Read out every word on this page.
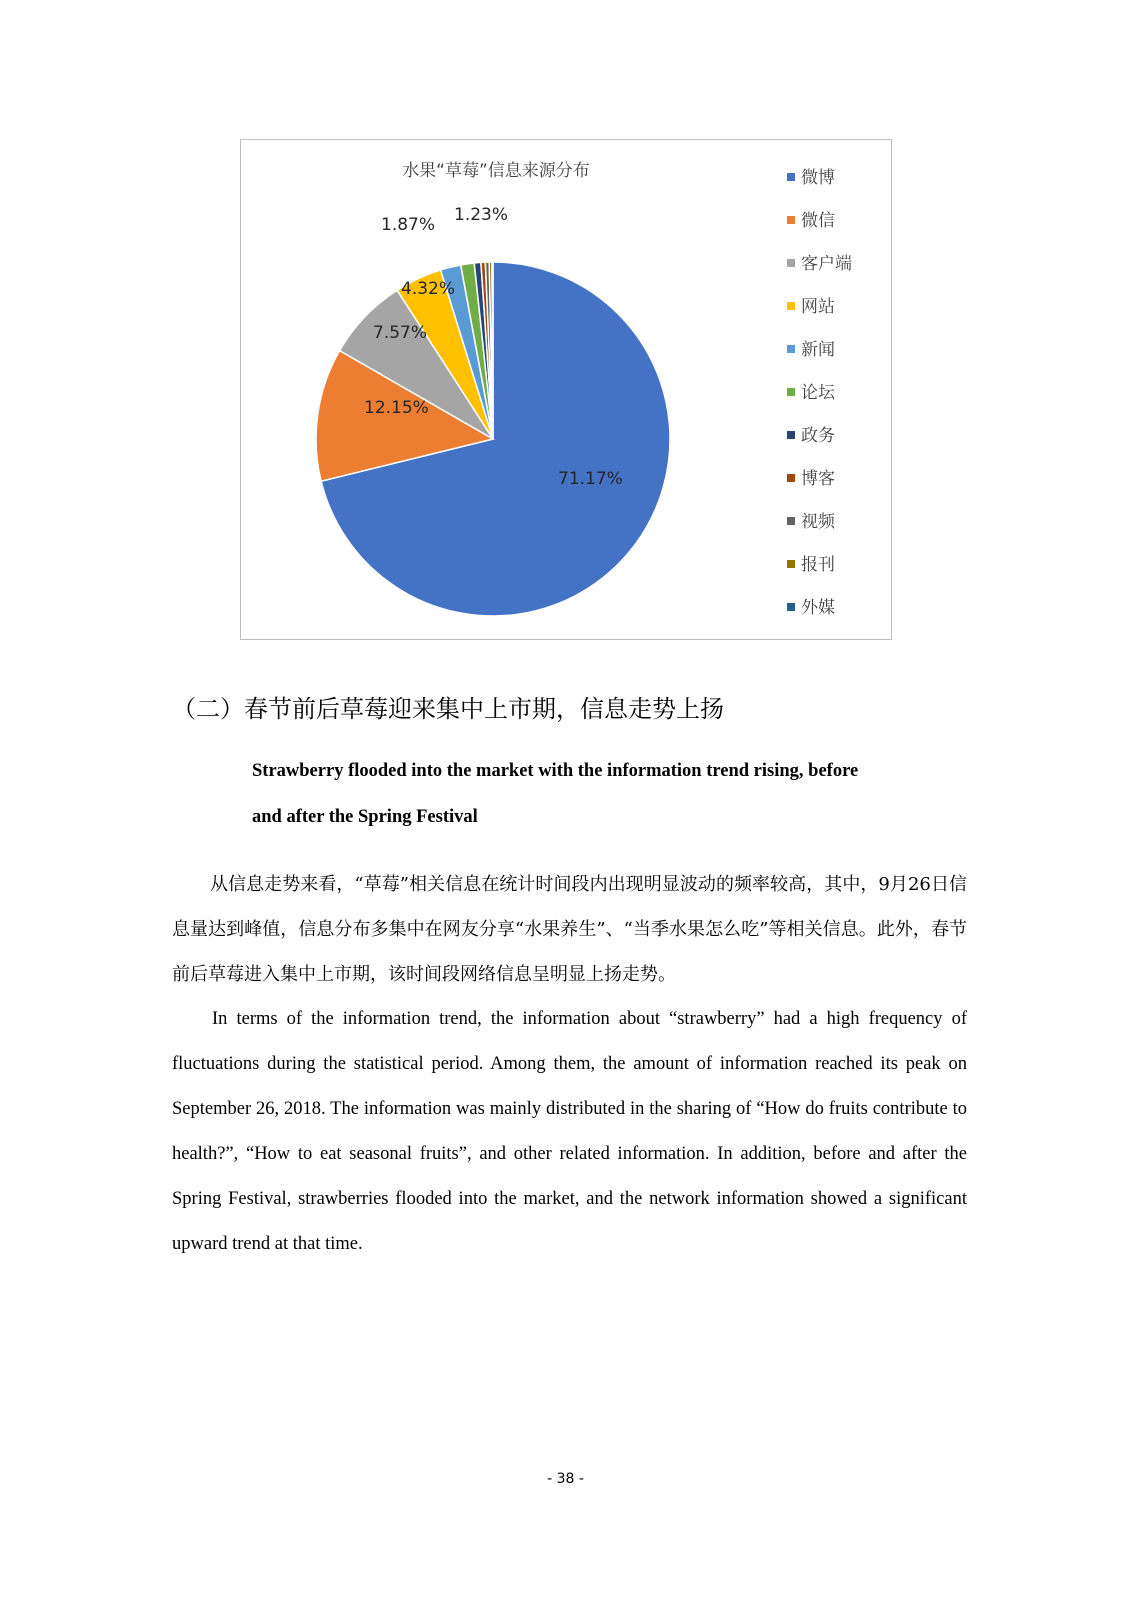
水果“草莓”信息来源分布
71.17%
12.15%
7.57%
4.32%
1.87% 1.23%
微博
微信
客户端
网站
新闻
论坛
政务
博客
视频
报刊
外媒
（二）春节前后草莓迎来集中上市期，信息走势上扬
Strawberry flooded into the market with the information trend rising, before
and after the Spring Festival

从信息走势来看，“草莓”相关信息在统计时间段内出现明显波动的频率较高，其中，9月26日信息量达到峰值，信息分布多集中在网友分享“水果养生”、“当季水果怎么吃”等相关信息。此外，春节前后草莓进入集中上市期，该时间段网络信息呈明显上扬走势。

In terms of the information trend, the information about “strawberry” had a high frequency of fluctuations during the statistical period. Among them, the amount of information reached its peak on September 26, 2018. The information was mainly distributed in the sharing of “How do fruits contribute to health?”, “How to eat seasonal fruits”, and other related information. In addition, before and after the Spring Festival, strawberries flooded into the market, and the network information showed a significant upward trend at that time.

- 38 -
